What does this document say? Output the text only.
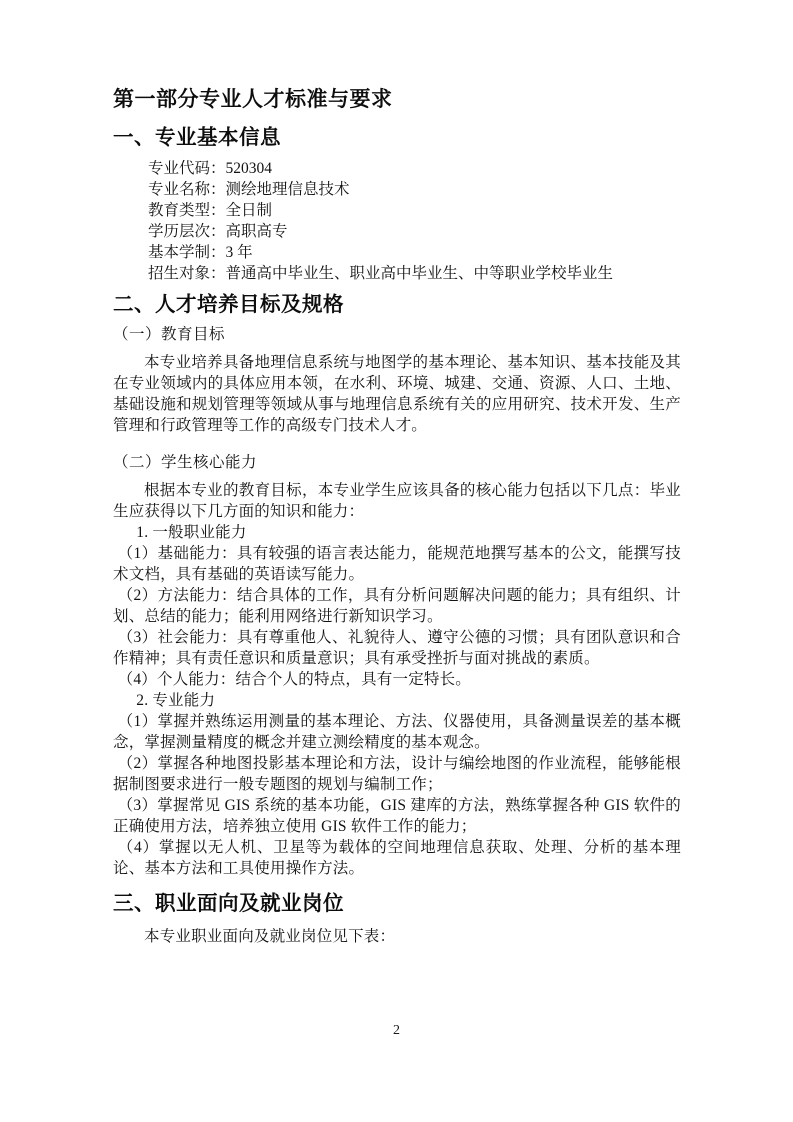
第一部分专业人才标准与要求
一、专业基本信息
专业代码：520304
专业名称：测绘地理信息技术
教育类型：全日制
学历层次：高职高专
基本学制：3 年
招生对象：普通高中毕业生、职业高中毕业生、中等职业学校毕业生
二、人才培养目标及规格
（一）教育目标

本专业培养具备地理信息系统与地图学的基本理论、基本知识、基本技能及其在专业领域内的具体应用本领，在水利、环境、城建、交通、资源、人口、土地、基础设施和规划管理等领域从事与地理信息系统有关的应用研究、技术开发、生产管理和行政管理等工作的高级专门技术人才。

（二）学生核心能力

根据本专业的教育目标，本专业学生应该具备的核心能力包括以下几点：毕业生应获得以下几方面的知识和能力：

1. 一般职业能力

（1）基础能力：具有较强的语言表达能力，能规范地撰写基本的公文，能撰写技术文档，具有基础的英语读写能力。

（2）方法能力：结合具体的工作，具有分析问题解决问题的能力；具有组织、计划、总结的能力；能利用网络进行新知识学习。

（3）社会能力：具有尊重他人、礼貌待人、遵守公德的习惯；具有团队意识和合作精神；具有责任意识和质量意识；具有承受挫折与面对挑战的素质。

（4）个人能力：结合个人的特点，具有一定特长。

2. 专业能力

（1）掌握并熟练运用测量的基本理论、方法、仪器使用，具备测量误差的基本概念，掌握测量精度的概念并建立测绘精度的基本观念。

（2）掌握各种地图投影基本理论和方法，设计与编绘地图的作业流程，能够能根据制图要求进行一般专题图的规划与编制工作；

（3）掌握常见 GIS 系统的基本功能，GIS 建库的方法，熟练掌握各种 GIS 软件的正确使用方法，培养独立使用 GIS 软件工作的能力；

（4）掌握以无人机、卫星等为载体的空间地理信息获取、处理、分析的基本理论、基本方法和工具使用操作方法。

三、职业面向及就业岗位

本专业职业面向及就业岗位见下表：

2
